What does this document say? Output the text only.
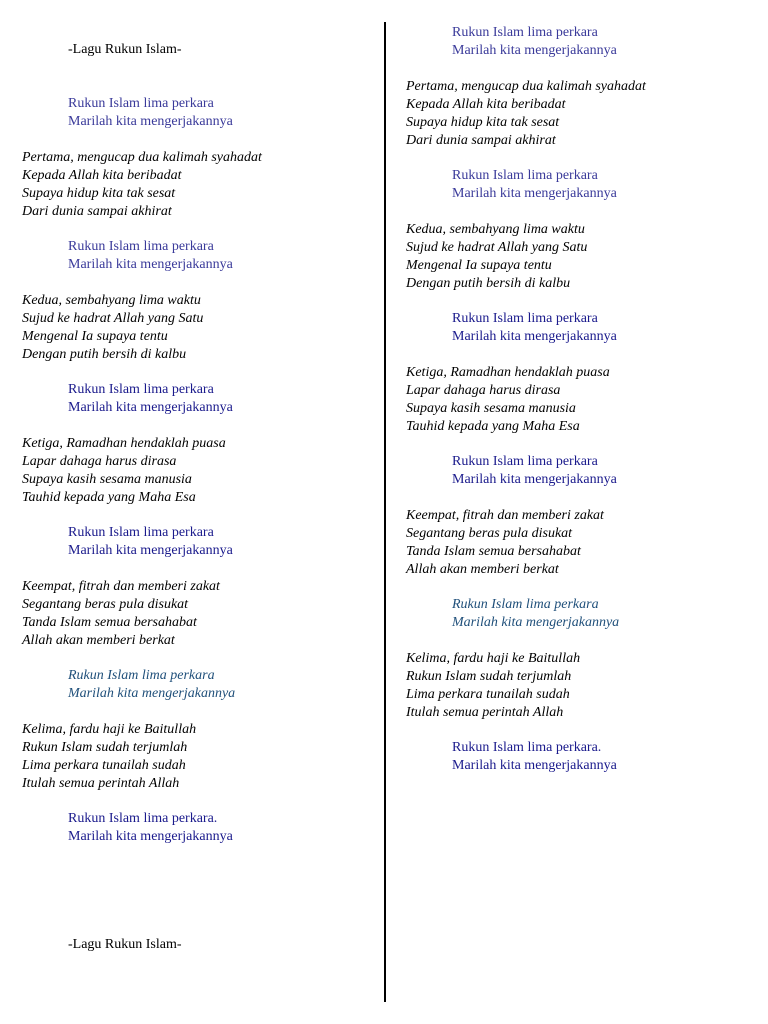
-Lagu Rukun Islam-
Rukun Islam lima perkara
Marilah kita mengerjakannya
Pertama, mengucap dua kalimah syahadat
Kepada Allah kita beribadat
Supaya hidup kita tak sesat
Dari dunia sampai akhirat
Rukun Islam lima perkara
Marilah kita mengerjakannya
Kedua, sembahyang lima waktu
Sujud ke hadrat Allah yang Satu
Mengenal Ia supaya tentu
Dengan putih bersih di kalbu
Rukun Islam lima perkara
Marilah kita mengerjakannya
Ketiga, Ramadhan hendaklah puasa
Lapar dahaga harus dirasa
Supaya kasih sesama manusia
Tauhid kepada yang Maha Esa
Rukun Islam lima perkara
Marilah kita mengerjakannya
Keempat, fitrah dan memberi zakat
Segantang beras pula disukat
Tanda Islam semua bersahabat
Allah akan memberi berkat
Rukun Islam lima perkara
Marilah kita mengerjakannya
Kelima, fardu haji ke Baitullah
Rukun Islam sudah terjumlah
Lima perkara tunailah sudah
Itulah semua perintah Allah
Rukun Islam lima perkara.
Marilah kita mengerjakannya
-Lagu Rukun Islam-
Rukun Islam lima perkara
Marilah kita mengerjakannya
Pertama, mengucap dua kalimah syahadat
Kepada Allah kita beribadat
Supaya hidup kita tak sesat
Dari dunia sampai akhirat
Rukun Islam lima perkara
Marilah kita mengerjakannya
Kedua, sembahyang lima waktu
Sujud ke hadrat Allah yang Satu
Mengenal Ia supaya tentu
Dengan putih bersih di kalbu
Rukun Islam lima perkara
Marilah kita mengerjakannya
Ketiga, Ramadhan hendaklah puasa
Lapar dahaga harus dirasa
Supaya kasih sesama manusia
Tauhid kepada yang Maha Esa
Rukun Islam lima perkara
Marilah kita mengerjakannya
Keempat, fitrah dan memberi zakat
Segantang beras pula disukat
Tanda Islam semua bersahabat
Allah akan memberi berkat
Rukun Islam lima perkara
Marilah kita mengerjakannya
Kelima, fardu haji ke Baitullah
Rukun Islam sudah terjumlah
Lima perkara tunailah sudah
Itulah semua perintah Allah
Rukun Islam lima perkara.
Marilah kita mengerjakannya
